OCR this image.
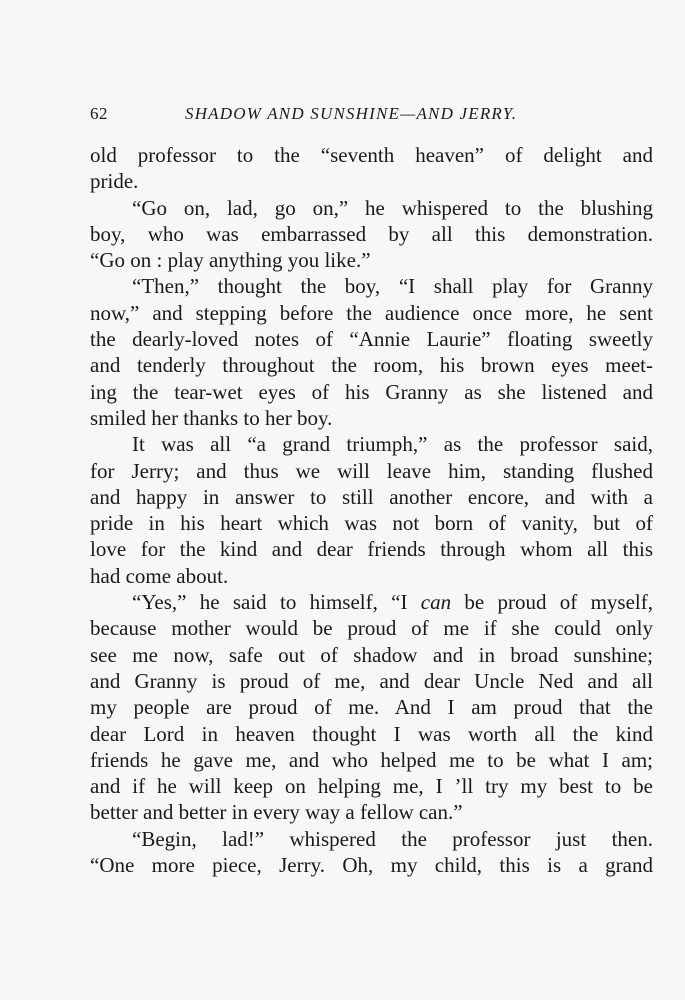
62	SHADOW AND SUNSHINE—AND JERRY.
old professor to the “seventh heaven” of delight and
pride.
“Go on, lad, go on,” he whispered to the blushing
boy, who was embarrassed by all this demonstration.
“Go on : play anything you like.”
“Then,” thought the boy, “I shall play for Granny
now,” and stepping before the audience once more, he sent
the dearly-loved notes of “Annie Laurie” floating sweetly
and tenderly throughout the room, his brown eyes meet-
ing the tear-wet eyes of his Granny as she listened and
smiled her thanks to her boy.
It was all “a grand triumph,” as the professor said,
for Jerry; and thus we will leave him, standing flushed
and happy in answer to still another encore, and with a
pride in his heart which was not born of vanity, but of
love for the kind and dear friends through whom all this
had come about.
“Yes,” he said to himself, “I can be proud of myself,
because mother would be proud of me if she could only
see me now, safe out of shadow and in broad sunshine;
and Granny is proud of me, and dear Uncle Ned and all
my people are proud of me. And I am proud that the
dear Lord in heaven thought I was worth all the kind
friends he gave me, and who helped me to be what I am;
and if he will keep on helping me, I ’ll try my best to be
better and better in every way a fellow can.”
“Begin, lad!” whispered the professor just then.
“One more piece, Jerry. Oh, my child, this is a grand
